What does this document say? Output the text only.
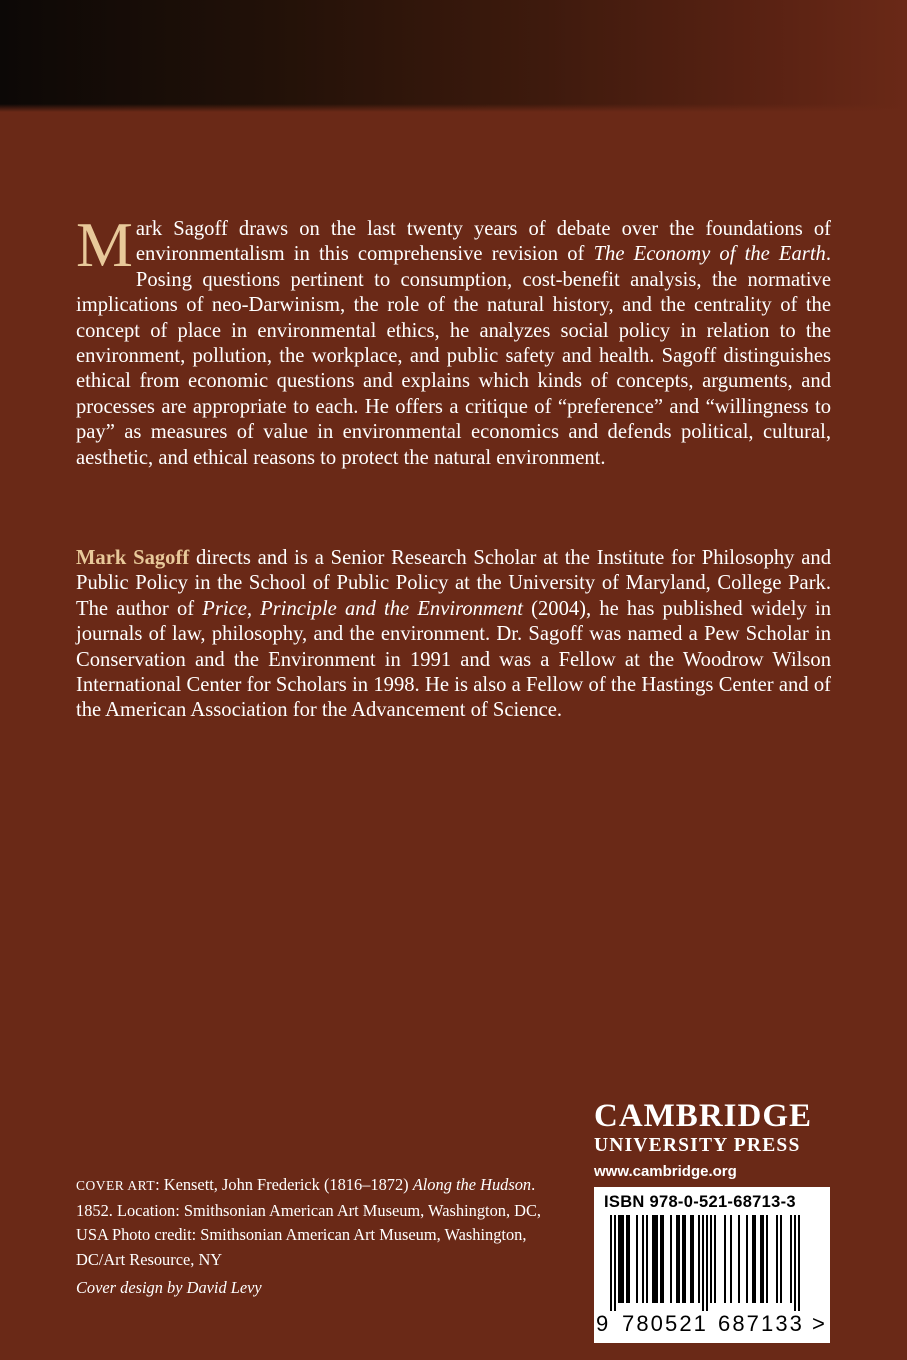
Mark Sagoff draws on the last twenty years of debate over the foundations of environmentalism in this comprehensive revision of The Economy of the Earth. Posing questions pertinent to consumption, cost-benefit analysis, the normative implications of neo-Darwinism, the role of the natural history, and the centrality of the concept of place in environmental ethics, he analyzes social policy in relation to the environment, pollution, the workplace, and public safety and health. Sagoff distinguishes ethical from economic questions and explains which kinds of concepts, arguments, and processes are appropriate to each. He offers a critique of “preference” and “willingness to pay” as measures of value in environmental economics and defends political, cultural, aesthetic, and ethical reasons to protect the natural environment.

Mark Sagoff directs and is a Senior Research Scholar at the Institute for Philosophy and Public Policy in the School of Public Policy at the University of Maryland, College Park. The author of Price, Principle and the Environment (2004), he has published widely in journals of law, philosophy, and the environment. Dr. Sagoff was named a Pew Scholar in Conservation and the Environment in 1991 and was a Fellow at the Woodrow Wilson International Center for Scholars in 1998. He is also a Fellow of the Hastings Center and of the American Association for the Advancement of Science.

CAMBRIDGE
UNIVERSITY PRESS
www.cambridge.org
ISBN 978-0-521-68713-3
9 780521 687133 >

COVER ART: Kensett, John Frederick (1816–1872) Along the Hudson. 1852. Location: Smithsonian American Art Museum, Washington, DC, USA Photo credit: Smithsonian American Art Museum, Washington, DC/Art Resource, NY

Cover design by David Levy
